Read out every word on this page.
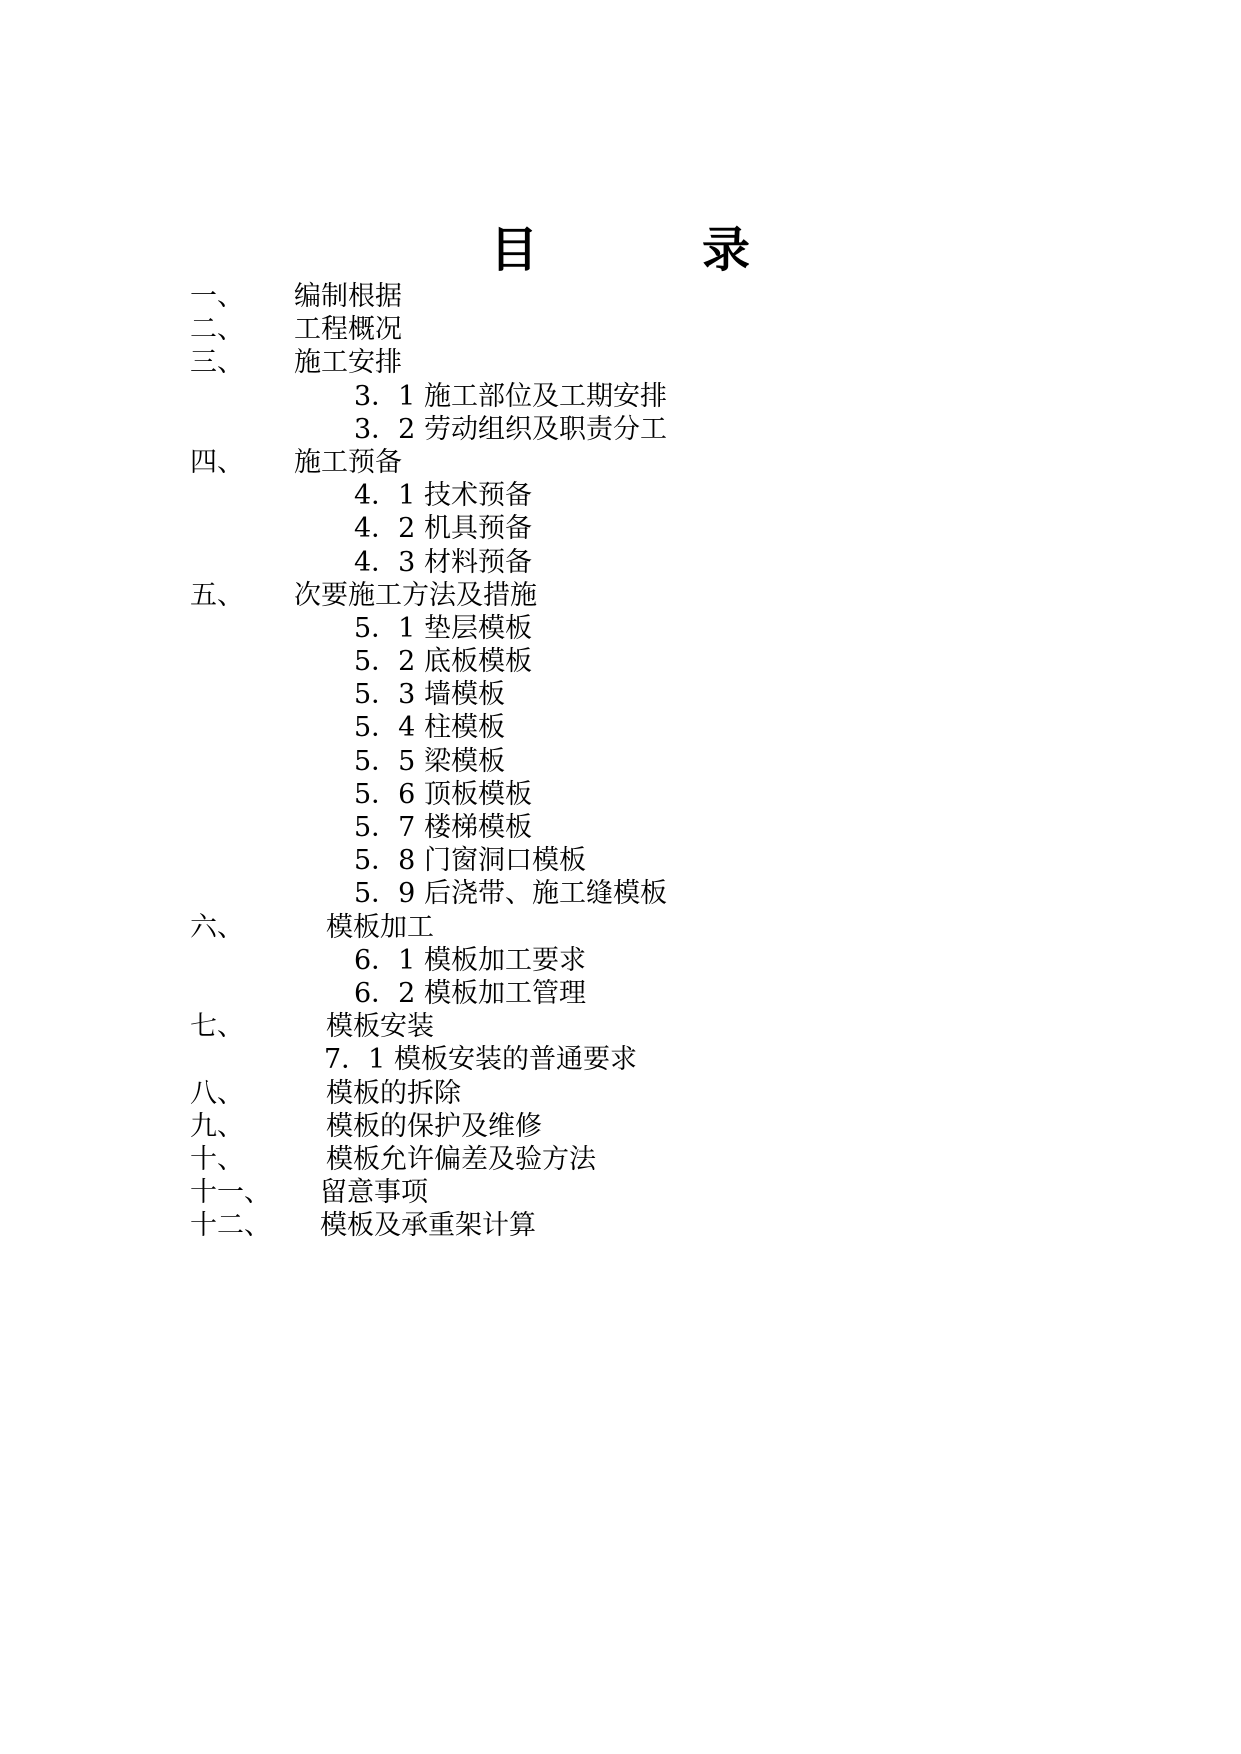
目	录
一、 编制根据
二、 工程概况
三、 施工安排
3．1 施工部位及工期安排
3．2 劳动组织及职责分工
四、 施工预备
4．1 技术预备
4．2 机具预备
4．3 材料预备
五、 次要施工方法及措施
5．1 垫层模板
5．2 底板模板
5．3 墙模板
5．4 柱模板
5．5 梁模板
5．6 顶板模板
5．7 楼梯模板
5．8 门窗洞口模板
5．9 后浇带、施工缝模板
六、	模板加工
6．1 模板加工要求
6．2 模板加工管理
七、	模板安装
7．1 模板安装的普通要求
八、	模板的拆除
九、	模板的保护及维修
十、	模板允许偏差及验方法
十一、 留意事项
十二、 模板及承重架计算
